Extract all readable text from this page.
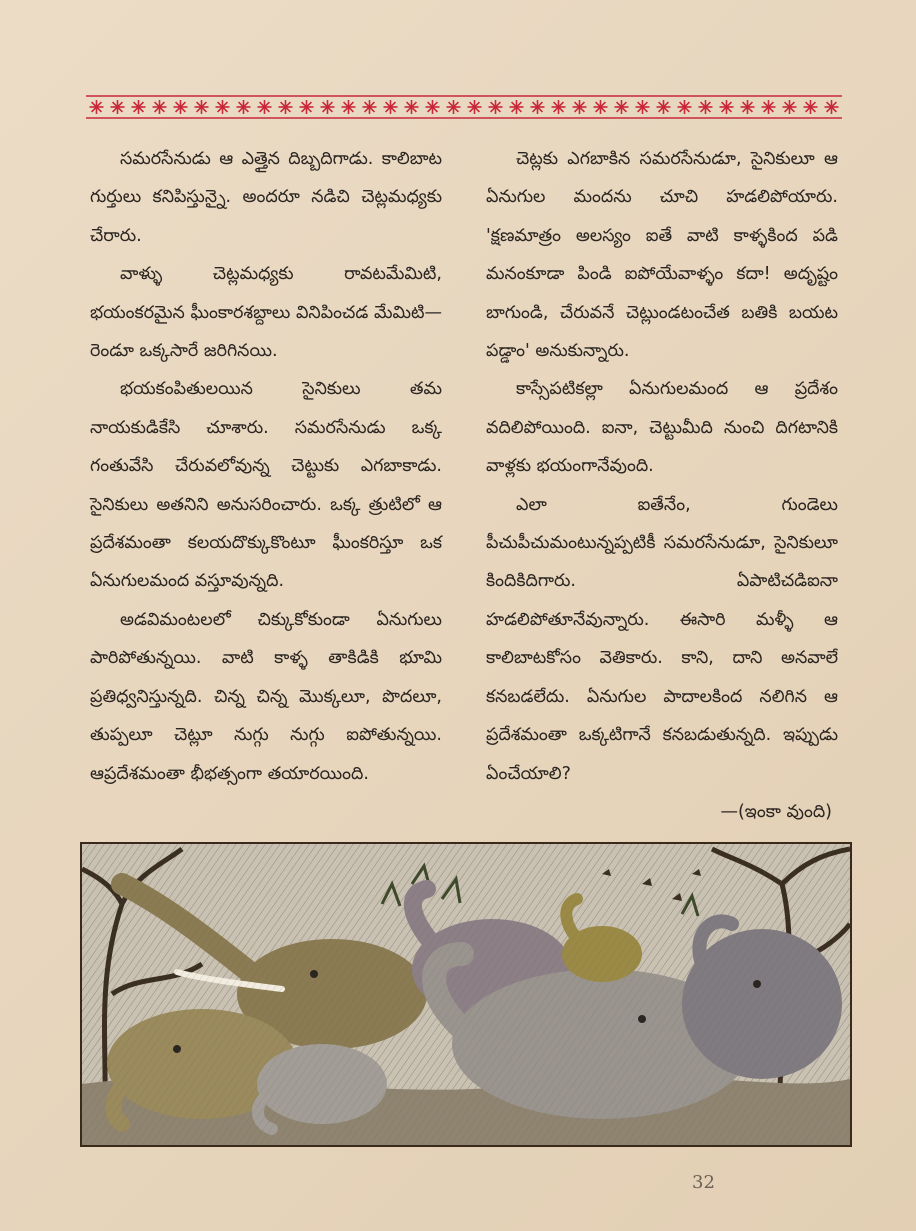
సమరసేనుడు ఆ ఎత్తైన దిబ్బదిగాడు. కాలిబాట గుర్తులు కనిపిస్తున్నై. అందరూ నడిచి చెట్లమధ్యకు చేరారు.

వాళ్ళు చెట్లమధ్యకు రావటమేమిటి, భయంకరమైన ఘీంకారశబ్దాలు వినిపించడ మేమిటి—రెండూ ఒక్కసారే జరిగినయి.

భయకంపితులయిన సైనికులు తమ నాయకుడికేసి చూశారు. సమరసేనుడు ఒక్క గంతువేసి చేరువలోవున్న చెట్టుకు ఎగబాకాడు. సైనికులు అతనిని అనుసరించారు. ఒక్క త్రుటిలో ఆ ప్రదేశమంతా కలయదొక్కుకొంటూ ఘీంకరిస్తూ ఒక ఏనుగులమంద వస్తూవున్నది.

అడవిమంటలలో చిక్కుకోకుండా ఏనుగులు పారిపోతున్నయి. వాటి కాళ్ళ తాకిడికి భూమి ప్రతిధ్వనిస్తున్నది. చిన్న చిన్న మొక్కలూ, పొదలూ, తుప్పలూ చెట్లూ నుగ్గు నుగ్గు ఐపోతున్నయి. ఆప్రదేశమంతా భీభత్సంగా తయారయింది.

చెట్లకు ఎగబాకిన సమరసేనుడూ, సైనికులూ ఆ ఏనుగుల మందను చూచి హడలిపోయారు. 'క్షణమాత్రం అలస్యం ఐతే వాటి కాళ్ళకింద పడి మనంకూడా పిండి ఐపోయేవాళ్ళం కదా! అదృష్టం బాగుండి, చేరువనే చెట్లుండటంచేత బతికి బయట పడ్డాం' అనుకున్నారు.

కాస్సేపటికల్లా ఏనుగులమంద ఆ ప్రదేశం వదిలిపోయింది. ఐనా, చెట్టుమీది నుంచి దిగటానికి వాళ్లకు భయంగానేవుంది.

ఎలా ఐతేనేం, గుండెలు పీచుపీచుమంటున్నప్పటికీ సమరసేనుడూ, సైనికులూ కిందికిదిగారు. ఏపాటిచడిఐనా హడలిపోతూనేవున్నారు. ఈసారి మళ్ళీ ఆ కాలిబాటకోసం వెతికారు. కాని, దాని అనవాలే కనబడలేదు. ఏనుగుల పాదాలకింద నలిగిన ఆ ప్రదేశమంతా ఒక్కటిగానే కనబడుతున్నది. ఇప్పుడు ఏంచేయాలి?

—(ఇంకా వుంది)
32
